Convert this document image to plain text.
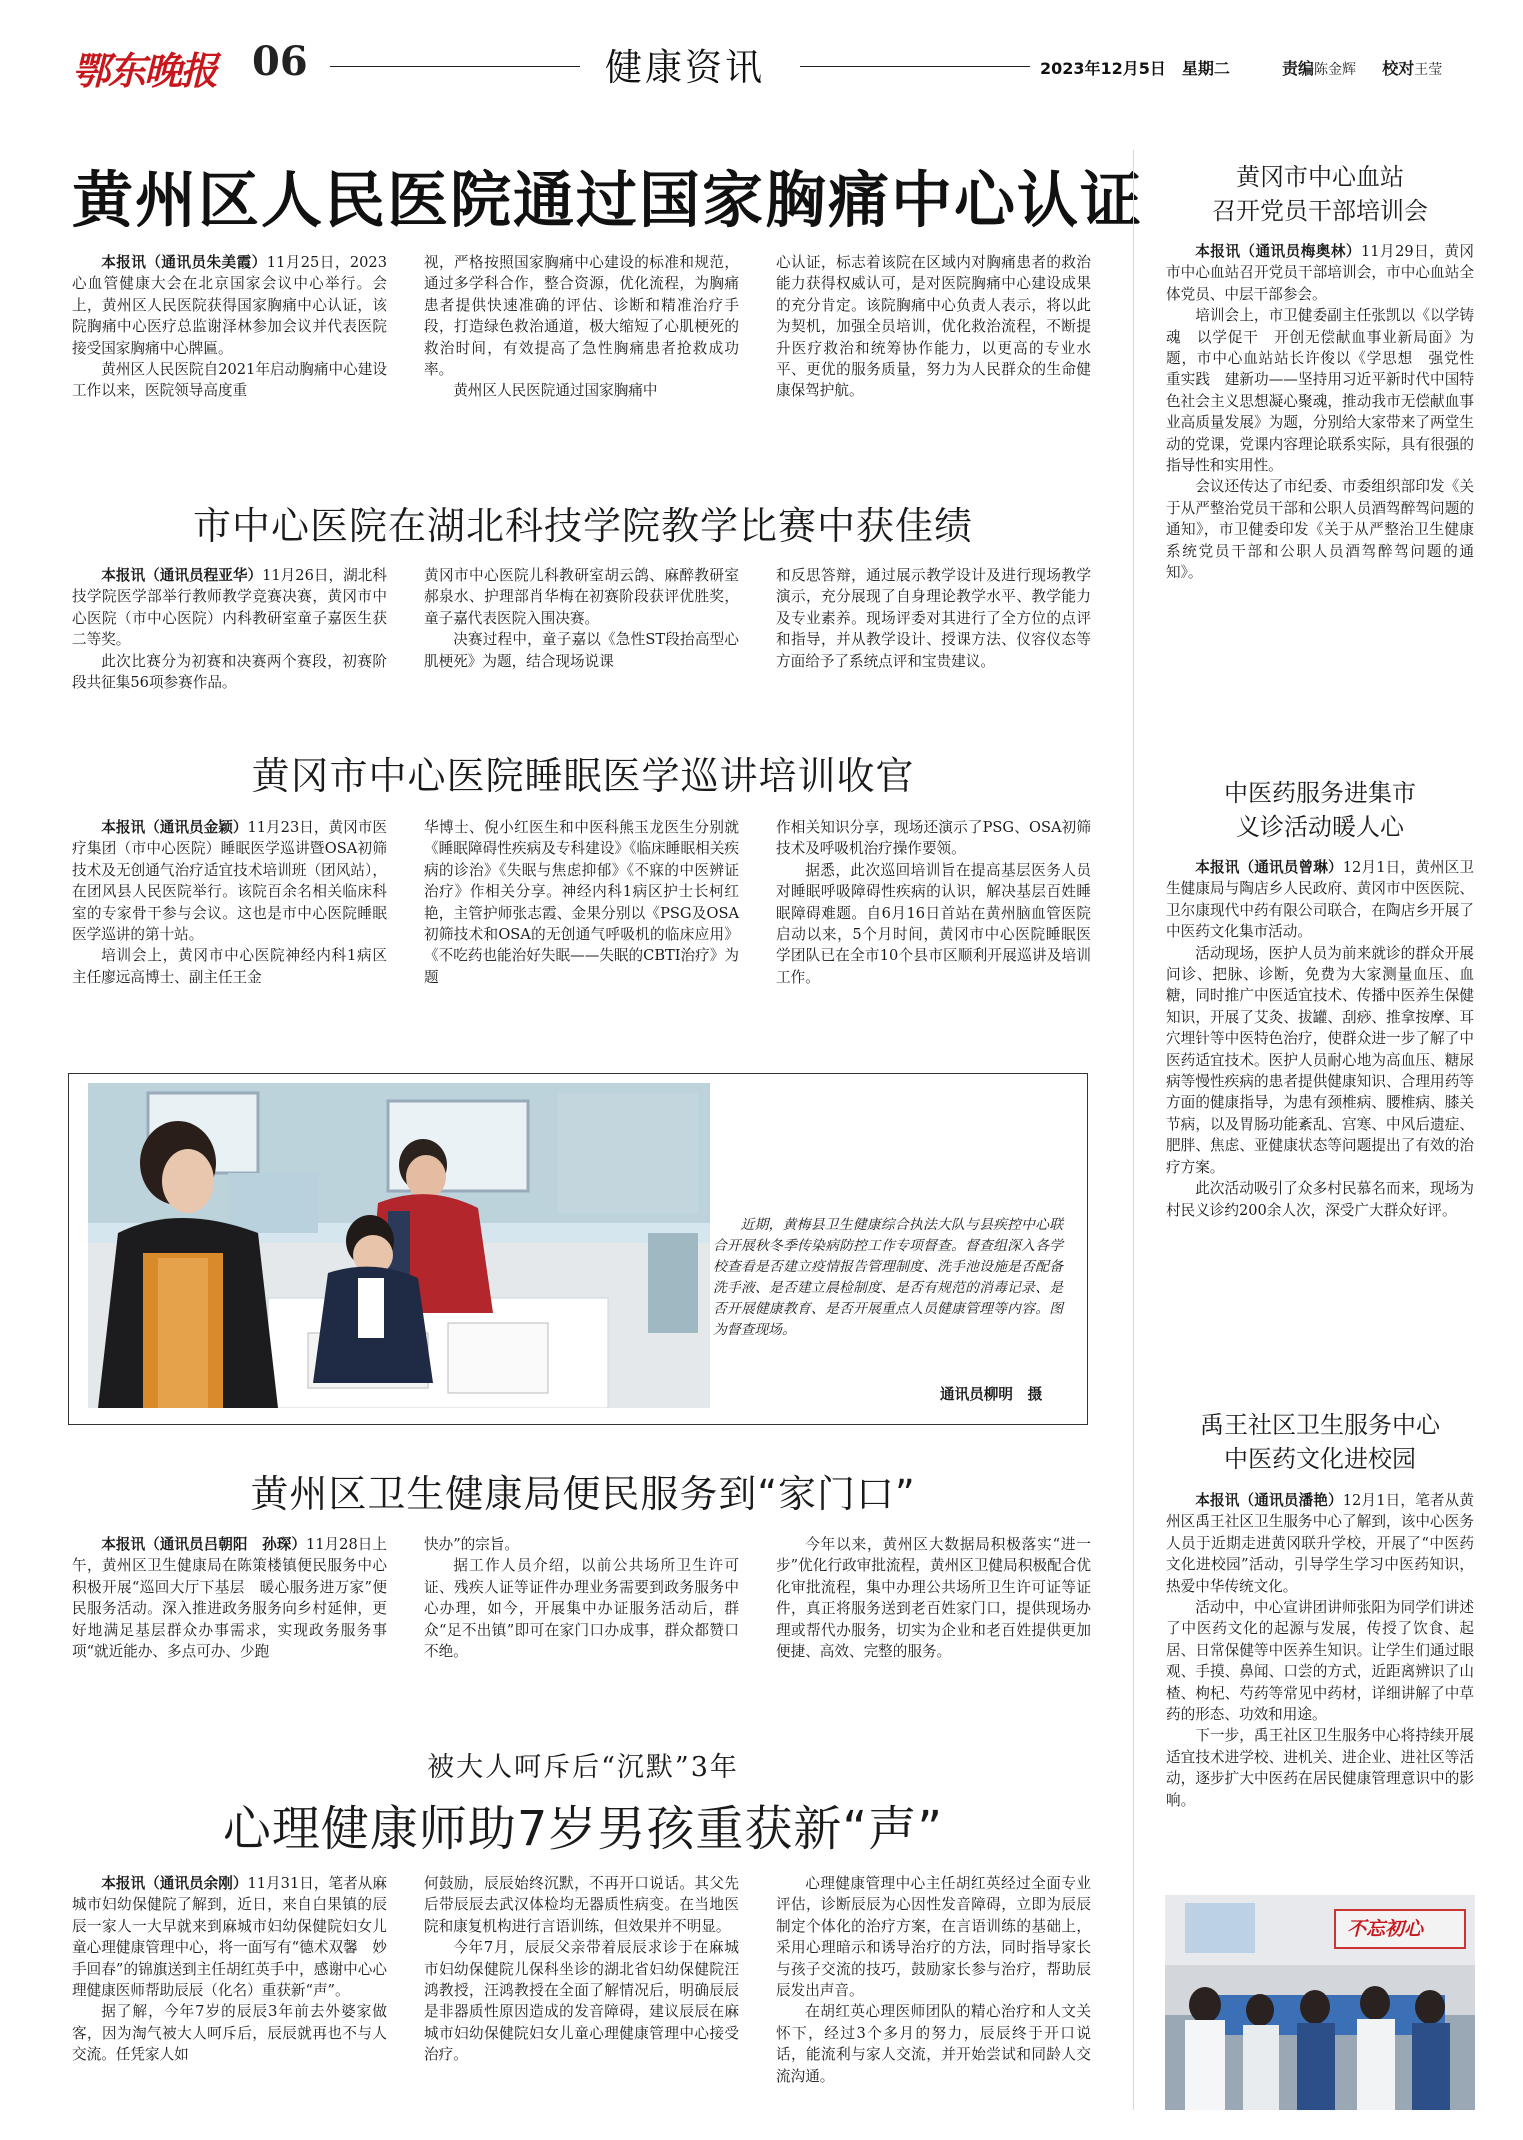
鄂东晚报 06	健康资讯	2023年12月5日　星期二	责编陈金辉 校对王莹
黄州区人民医院通过国家胸痛中心认证

本报讯（通讯员朱美霞）11月25日，2023心血管健康大会在北京国家会议中心举行。会上，黄州区人民医院获得国家胸痛中心认证，该院胸痛中心医疗总监谢泽林参加会议并代表医院接受国家胸痛中心牌匾。

黄州区人民医院自2021年启动胸痛中心建设工作以来，医院领导高度重

视，严格按照国家胸痛中心建设的标准和规范，通过多学科合作，整合资源，优化流程，为胸痛患者提供快速准确的评估、诊断和精准治疗手段，打造绿色救治通道，极大缩短了心肌梗死的救治时间，有效提高了急性胸痛患者抢救成功率。

黄州区人民医院通过国家胸痛中

心认证，标志着该院在区域内对胸痛患者的救治能力获得权威认可，是对医院胸痛中心建设成果的充分肯定。该院胸痛中心负责人表示，将以此为契机，加强全员培训，优化救治流程，不断提升医疗救治和统筹协作能力，以更高的专业水平、更优的服务质量，努力为人民群众的生命健康保驾护航。

市中心医院在湖北科技学院教学比赛中获佳绩

本报讯（通讯员程亚华）11月26日，湖北科技学院医学部举行教师教学竞赛决赛，黄冈市中心医院（市中心医院）内科教研室童子嘉医生获二等奖。

此次比赛分为初赛和决赛两个赛段，初赛阶段共征集56项参赛作品。

黄冈市中心医院儿科教研室胡云鸽、麻醉教研室郝泉水、护理部肖华梅在初赛阶段获评优胜奖，童子嘉代表医院入围决赛。

决赛过程中，童子嘉以《急性ST段抬高型心肌梗死》为题，结合现场说课

和反思答辩，通过展示教学设计及进行现场教学演示，充分展现了自身理论教学水平、教学能力及专业素养。现场评委对其进行了全方位的点评和指导，并从教学设计、授课方法、仪容仪态等方面给予了系统点评和宝贵建议。

黄冈市中心医院睡眠医学巡讲培训收官

本报讯（通讯员金颖）11月23日，黄冈市医疗集团（市中心医院）睡眠医学巡讲暨OSA初筛技术及无创通气治疗适宜技术培训班（团风站），在团风县人民医院举行。该院百余名相关临床科室的专家骨干参与会议。这也是市中心医院睡眠医学巡讲的第十站。

培训会上，黄冈市中心医院神经内科1病区主任廖远高博士、副主任王金

华博士、倪小红医生和中医科熊玉龙医生分别就《睡眠障碍性疾病及专科建设》《临床睡眠相关疾病的诊治》《失眠与焦虑抑郁》《不寐的中医辨证治疗》作相关分享。神经内科1病区护士长柯红艳，主管护师张志霞、金果分别以《PSG及OSA初筛技术和OSA的无创通气呼吸机的临床应用》《不吃药也能治好失眠——失眠的CBTI治疗》为题

作相关知识分享，现场还演示了PSG、OSA初筛技术及呼吸机治疗操作要领。

据悉，此次巡回培训旨在提高基层医务人员对睡眠呼吸障碍性疾病的认识，解决基层百姓睡眠障碍难题。自6月16日首站在黄州脑血管医院启动以来，5个月时间，黄冈市中心医院睡眠医学团队已在全市10个县市区顺利开展巡讲及培训工作。

近期，黄梅县卫生健康综合执法大队与县疾控中心联合开展秋冬季传染病防控工作专项督查。督查组深入各学校查看是否建立疫情报告管理制度、洗手池设施是否配备洗手液、是否建立晨检制度、是否有规范的消毒记录、是否开展健康教育、是否开展重点人员健康管理等内容。图为督查现场。
通讯员柳明　摄
黄州区卫生健康局便民服务到“家门口”

本报讯（通讯员吕朝阳　孙琛）11月28日上午，黄州区卫生健康局在陈策楼镇便民服务中心积极开展“巡回大厅下基层　暖心服务进万家”便民服务活动。深入推进政务服务向乡村延伸，更好地满足基层群众办事需求，实现政务服务事项“就近能办、多点可办、少跑

快办”的宗旨。

据工作人员介绍，以前公共场所卫生许可证、残疾人证等证件办理业务需要到政务服务中心办理，如今，开展集中办证服务活动后，群众“足不出镇”即可在家门口办成事，群众都赞口不绝。

今年以来，黄州区大数据局积极落实“进一步”优化行政审批流程，黄州区卫健局积极配合优化审批流程，集中办理公共场所卫生许可证等证件，真正将服务送到老百姓家门口，提供现场办理或帮代办服务，切实为企业和老百姓提供更加便捷、高效、完整的服务。

被大人呵斥后“沉默”3年
心理健康师助7岁男孩重获新“声”

本报讯（通讯员余刚）11月31日，笔者从麻城市妇幼保健院了解到，近日，来自白果镇的辰辰一家人一大早就来到麻城市妇幼保健院妇女儿童心理健康管理中心，将一面写有“德术双馨　妙手回春”的锦旗送到主任胡红英手中，感谢中心心理健康医师帮助辰辰（化名）重获新“声”。

据了解，今年7岁的辰辰3年前去外婆家做客，因为淘气被大人呵斥后，辰辰就再也不与人交流。任凭家人如

何鼓励，辰辰始终沉默，不再开口说话。其父先后带辰辰去武汉体检均无器质性病变。在当地医院和康复机构进行言语训练，但效果并不明显。

今年7月，辰辰父亲带着辰辰求诊于在麻城市妇幼保健院儿保科坐诊的湖北省妇幼保健院汪鸿教授，汪鸿教授在全面了解情况后，明确辰辰是非器质性原因造成的发音障碍，建议辰辰在麻城市妇幼保健院妇女儿童心理健康管理中心接受治疗。

心理健康管理中心主任胡红英经过全面专业评估，诊断辰辰为心因性发音障碍，立即为辰辰制定个体化的治疗方案，在言语训练的基础上，采用心理暗示和诱导治疗的方法，同时指导家长与孩子交流的技巧，鼓励家长参与治疗，帮助辰辰发出声音。

在胡红英心理医师团队的精心治疗和人文关怀下，经过3个多月的努力，辰辰终于开口说话，能流利与家人交流，并开始尝试和同龄人交流沟通。

黄冈市中心血站
召开党员干部培训会

本报讯（通讯员梅奥林）11月29日，黄冈市中心血站召开党员干部培训会，市中心血站全体党员、中层干部参会。

培训会上，市卫健委副主任张凯以《以学铸魂　以学促干　开创无偿献血事业新局面》为题，市中心血站站长许俊以《学思想　强党性　重实践　建新功——坚持用习近平新时代中国特色社会主义思想凝心聚魂，推动我市无偿献血事业高质量发展》为题，分别给大家带来了两堂生动的党课，党课内容理论联系实际，具有很强的指导性和实用性。

会议还传达了市纪委、市委组织部印发《关于从严整治党员干部和公职人员酒驾醉驾问题的通知》，市卫健委印发《关于从严整治卫生健康系统党员干部和公职人员酒驾醉驾问题的通知》。

中医药服务进集市
义诊活动暖人心

本报讯（通讯员曾琳）12月1日，黄州区卫生健康局与陶店乡人民政府、黄冈市中医医院、卫尔康现代中药有限公司联合，在陶店乡开展了中医药文化集市活动。

活动现场，医护人员为前来就诊的群众开展问诊、把脉、诊断，免费为大家测量血压、血糖，同时推广中医适宜技术、传播中医养生保健知识，开展了艾灸、拔罐、刮痧、推拿按摩、耳穴埋针等中医特色治疗，使群众进一步了解了中医药适宜技术。医护人员耐心地为高血压、糖尿病等慢性疾病的患者提供健康知识、合理用药等方面的健康指导，为患有颈椎病、腰椎病、膝关节病，以及胃肠功能紊乱、宫寒、中风后遗症、肥胖、焦虑、亚健康状态等问题提出了有效的治疗方案。

此次活动吸引了众多村民慕名而来，现场为村民义诊约200余人次，深受广大群众好评。

禹王社区卫生服务中心
中医药文化进校园

本报讯（通讯员潘艳）12月1日，笔者从黄州区禹王社区卫生服务中心了解到，该中心医务人员于近期走进黄冈联升学校，开展了“中医药文化进校园”活动，引导学生学习中医药知识，热爱中华传统文化。

活动中，中心宣讲团讲师张阳为同学们讲述了中医药文化的起源与发展，传授了饮食、起居、日常保健等中医养生知识。让学生们通过眼观、手摸、鼻闻、口尝的方式，近距离辨识了山楂、枸杞、芍药等常见中药材，详细讲解了中草药的形态、功效和用途。

下一步，禹王社区卫生服务中心将持续开展适宜技术进学校、进机关、进企业、进社区等活动，逐步扩大中医药在居民健康管理意识中的影响。

不忘初心
